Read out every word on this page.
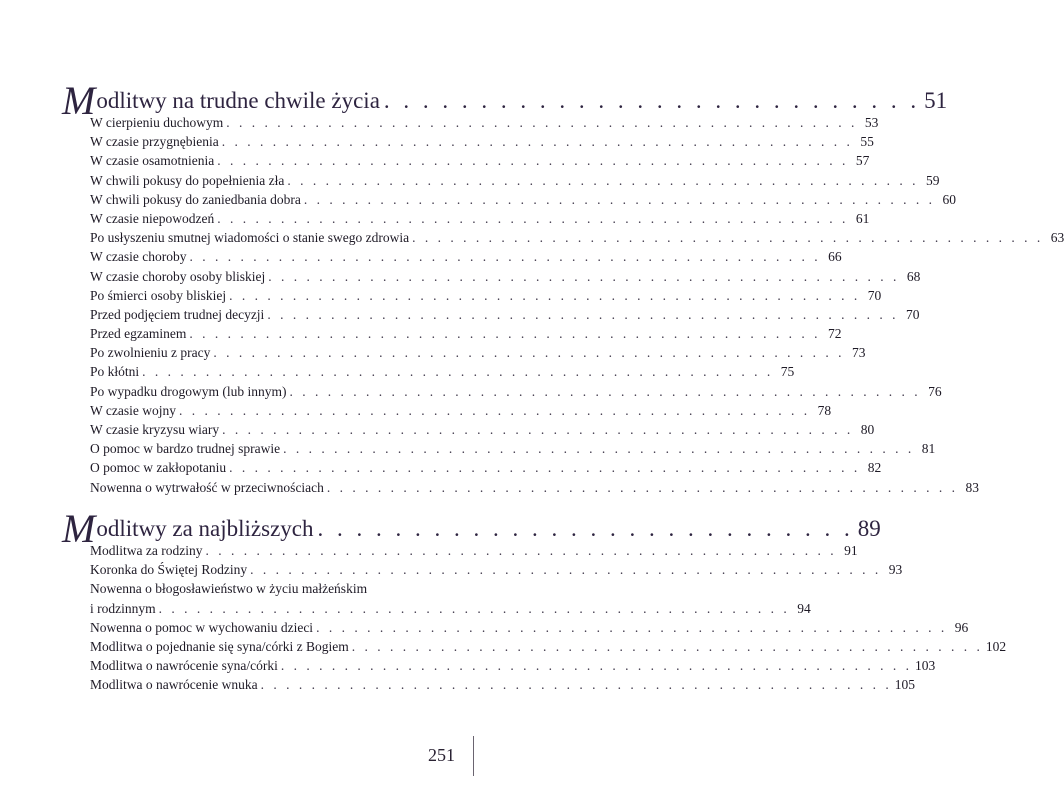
M odlitwy na trudne chwile życia . . . . . . . . . . . . . . . . . . . . . . . . . . . . 51
W cierpieniu duchowym . . . . . . . . . . . . . . . . . . . . . . . . . . . . . . . . . . . . . . . . . . . . . . . . . . 53
W czasie przygnębienia . . . . . . . . . . . . . . . . . . . . . . . . . . . . . . . . . . . . . . . . . . . . . . . . . . 55
W czasie osamotnienia . . . . . . . . . . . . . . . . . . . . . . . . . . . . . . . . . . . . . . . . . . . . . . . . . . 57
W chwili pokusy do popełnienia zła . . . . . . . . . . . . . . . . . . . . . . . . . . . . . . . . . . . . . . . . . . . . . . . . . . 59
W chwili pokusy do zaniedbania dobra . . . . . . . . . . . . . . . . . . . . . . . . . . . . . . . . . . . . . . . . . . . . . . . . . . 60
W czasie niepowodzeń . . . . . . . . . . . . . . . . . . . . . . . . . . . . . . . . . . . . . . . . . . . . . . . . . . 61
Po usłyszeniu smutnej wiadomości o stanie swego zdrowia . . . . . . . . . . . . . . . . . . . . . . . . . . . . . . . . . . . . . . . . . . . . . . . . . . 63
W czasie choroby . . . . . . . . . . . . . . . . . . . . . . . . . . . . . . . . . . . . . . . . . . . . . . . . . . 66
W czasie choroby osoby bliskiej . . . . . . . . . . . . . . . . . . . . . . . . . . . . . . . . . . . . . . . . . . . . . . . . . . 68
Po śmierci osoby bliskiej . . . . . . . . . . . . . . . . . . . . . . . . . . . . . . . . . . . . . . . . . . . . . . . . . . 70
Przed podjęciem trudnej decyzji . . . . . . . . . . . . . . . . . . . . . . . . . . . . . . . . . . . . . . . . . . . . . . . . . . 70
Przed egzaminem . . . . . . . . . . . . . . . . . . . . . . . . . . . . . . . . . . . . . . . . . . . . . . . . . . 72
Po zwolnieniu z pracy . . . . . . . . . . . . . . . . . . . . . . . . . . . . . . . . . . . . . . . . . . . . . . . . . . 73
Po kłótni . . . . . . . . . . . . . . . . . . . . . . . . . . . . . . . . . . . . . . . . . . . . . . . . . . 75
Po wypadku drogowym (lub innym) . . . . . . . . . . . . . . . . . . . . . . . . . . . . . . . . . . . . . . . . . . . . . . . . . . 76
W czasie wojny . . . . . . . . . . . . . . . . . . . . . . . . . . . . . . . . . . . . . . . . . . . . . . . . . . 78
W czasie kryzysu wiary . . . . . . . . . . . . . . . . . . . . . . . . . . . . . . . . . . . . . . . . . . . . . . . . . . 80
O pomoc w bardzo trudnej sprawie . . . . . . . . . . . . . . . . . . . . . . . . . . . . . . . . . . . . . . . . . . . . . . . . . . 81
O pomoc w zakłopotaniu . . . . . . . . . . . . . . . . . . . . . . . . . . . . . . . . . . . . . . . . . . . . . . . . . . 82
Nowenna o wytrwałość w przeciwnościach . . . . . . . . . . . . . . . . . . . . . . . . . . . . . . . . . . . . . . . . . . . . . . . . . . 83
M odlitwy za najbliższych . . . . . . . . . . . . . . . . . . . . . . . . . . . . 89
Modlitwa za rodziny . . . . . . . . . . . . . . . . . . . . . . . . . . . . . . . . . . . . . . . . . . . . . . . . . . 91
Koronka do Świętej Rodziny . . . . . . . . . . . . . . . . . . . . . . . . . . . . . . . . . . . . . . . . . . . . . . . . . . 93
Nowenna o błogosławieństwo w życiu małżeńskim
i rodzinnym . . . . . . . . . . . . . . . . . . . . . . . . . . . . . . . . . . . . . . . . . . . . . . . . . . 94
Nowenna o pomoc w wychowaniu dzieci . . . . . . . . . . . . . . . . . . . . . . . . . . . . . . . . . . . . . . . . . . . . . . . . . . 96
Modlitwa o pojednanie się syna/córki z Bogiem . . . . . . . . . . . . . . . . . . . . . . . . . . . . . . . . . . . . . . . . . . . . . . . . . . 102
Modlitwa o nawrócenie syna/córki . . . . . . . . . . . . . . . . . . . . . . . . . . . . . . . . . . . . . . . . . . . . . . . . . . 103
Modlitwa o nawrócenie wnuka . . . . . . . . . . . . . . . . . . . . . . . . . . . . . . . . . . . . . . . . . . . . . . . . . . 105
251
